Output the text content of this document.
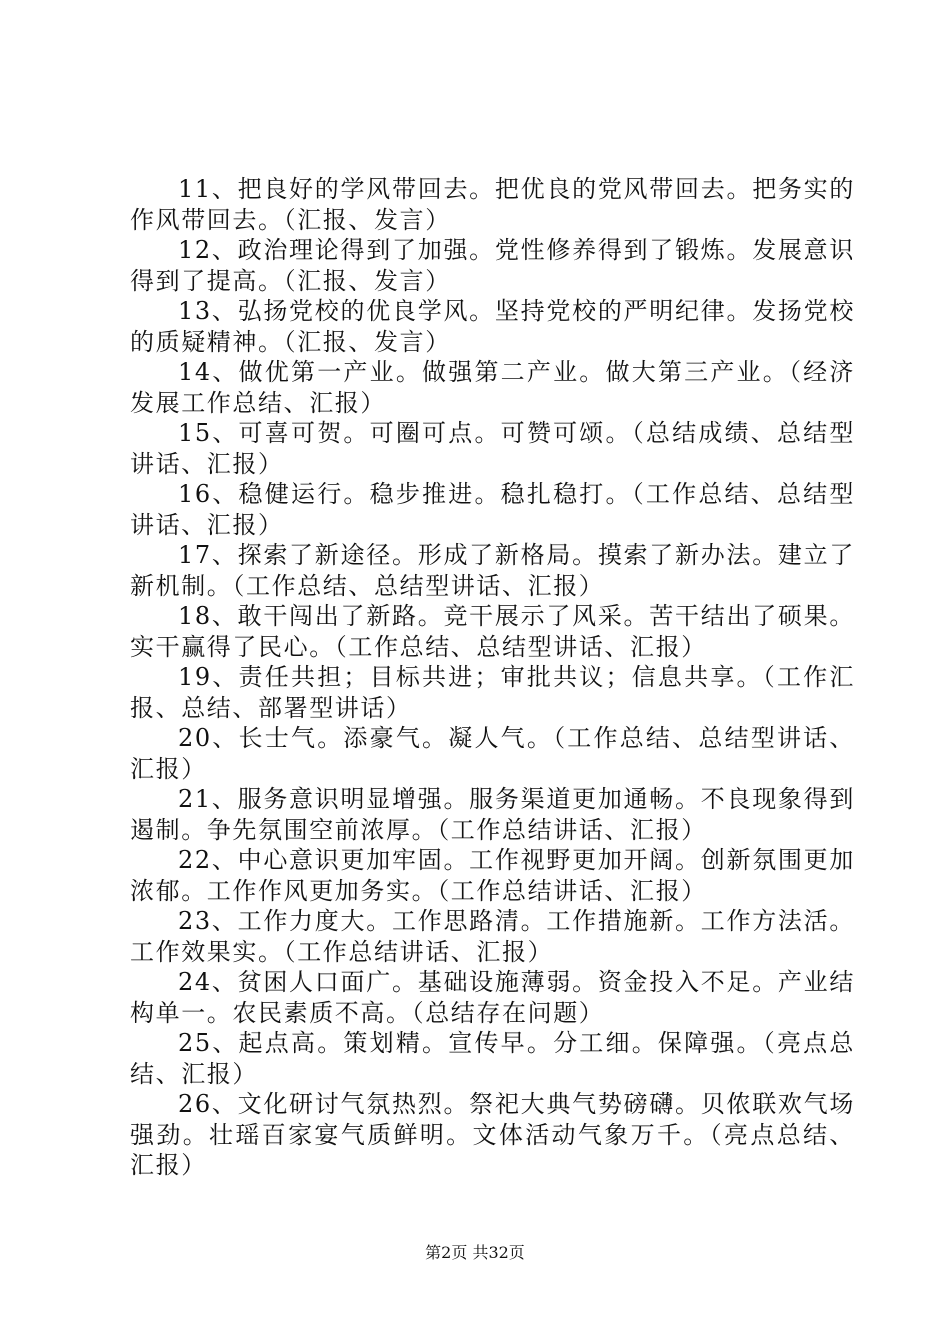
11、把良好的学风带回去。把优良的党风带回去。把务实的作风带回去。（汇报、发言）

12、政治理论得到了加强。党性修养得到了锻炼。发展意识得到了提高。（汇报、发言）

13、弘扬党校的优良学风。坚持党校的严明纪律。发扬党校的质疑精神。（汇报、发言）

14、做优第一产业。做强第二产业。做大第三产业。（经济发展工作总结、汇报）

15、可喜可贺。可圈可点。可赞可颂。（总结成绩、总结型讲话、汇报）

16、稳健运行。稳步推进。稳扎稳打。（工作总结、总结型讲话、汇报）

17、探索了新途径。形成了新格局。摸索了新办法。建立了新机制。（工作总结、总结型讲话、汇报）

18、敢干闯出了新路。竞干展示了风采。苦干结出了硕果。实干赢得了民心。（工作总结、总结型讲话、汇报）

19、责任共担；目标共进；审批共议；信息共享。（工作汇报、总结、部署型讲话）

20、长士气。添豪气。凝人气。（工作总结、总结型讲话、汇报）

21、服务意识明显增强。服务渠道更加通畅。不良现象得到遏制。争先氛围空前浓厚。（工作总结讲话、汇报）

22、中心意识更加牢固。工作视野更加开阔。创新氛围更加浓郁。工作作风更加务实。（工作总结讲话、汇报）

23、工作力度大。工作思路清。工作措施新。工作方法活。工作效果实。（工作总结讲话、汇报）

24、贫困人口面广。基础设施薄弱。资金投入不足。产业结构单一。农民素质不高。（总结存在问题）

25、起点高。策划精。宣传早。分工细。保障强。（亮点总结、汇报）

26、文化研讨气氛热烈。祭祀大典气势磅礴。贝侬联欢气场强劲。壮瑶百家宴气质鲜明。文体活动气象万千。（亮点总结、汇报）

第2页 共32页
